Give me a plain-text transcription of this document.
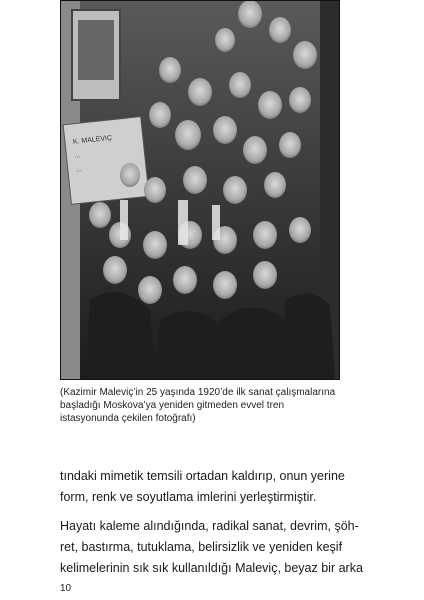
K. MALEVIÇ
...
...

(Kazimir Maleviç’in 25 yaşında 1920’de ilk sanat çalışmalarına
başladığı Moskova’ya yeniden gitmeden evvel tren
istasyonunda çekilen fotoğrafı)

tındaki mimetik temsili ortadan kaldırıp, onun yerine
form, renk ve soyutlama imlerini yerleştirmiştir.

Hayatı kaleme alındığında, radikal sanat, devrim, şöh-
ret, bastırma, tutuklama, belirsizlik ve yeniden keşif
kelimelerinin sık sık kullanıldığı Maleviç, beyaz bir arka

10
